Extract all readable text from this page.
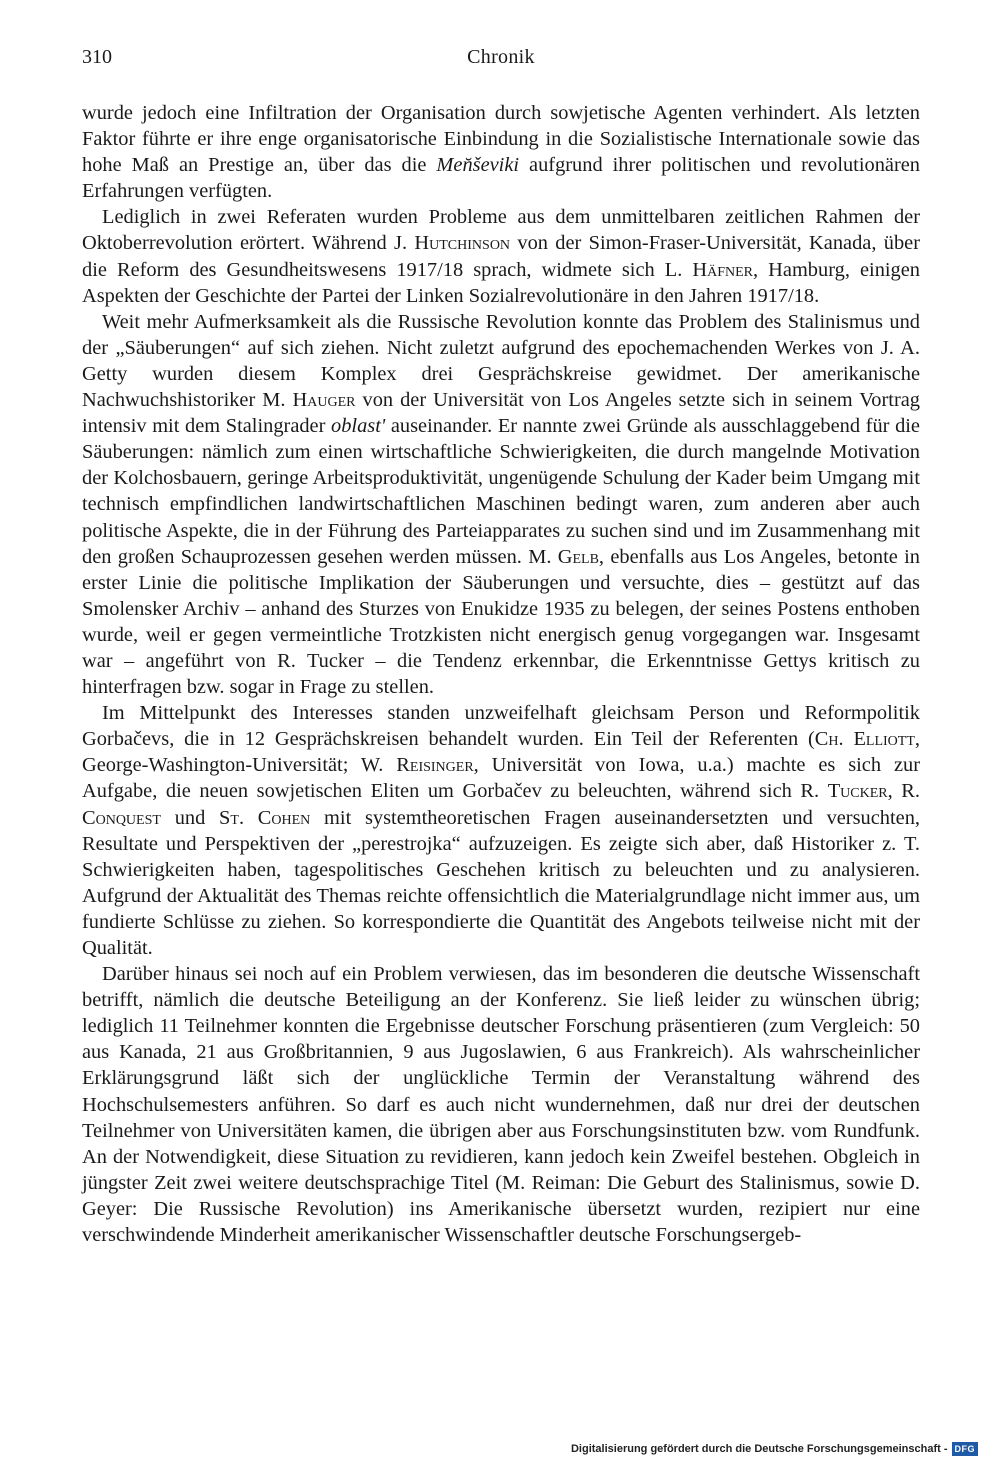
310	Chronik

wurde jedoch eine Infiltration der Organisation durch sowjetische Agenten verhindert. Als letzten Faktor führte er ihre enge organisatorische Einbindung in die Sozialistische Internationale sowie das hohe Maß an Prestige an, über das die Men̆ševiki aufgrund ihrer politischen und revolutionären Erfahrungen verfügten.

Lediglich in zwei Referaten wurden Probleme aus dem unmittelbaren zeitlichen Rahmen der Oktoberrevolution erörtert. Während J. Hutchinson von der Simon-Fraser-Universität, Kanada, über die Reform des Gesundheitswesens 1917/18 sprach, widmete sich L. Häfner, Hamburg, einigen Aspekten der Geschichte der Partei der Linken Sozialrevolutionäre in den Jahren 1917/18.

Weit mehr Aufmerksamkeit als die Russische Revolution konnte das Problem des Stalinismus und der „Säuberungen“ auf sich ziehen. Nicht zuletzt aufgrund des epochemachenden Werkes von J. A. Getty wurden diesem Komplex drei Gesprächskreise gewidmet. Der amerikanische Nachwuchshistoriker M. Hauger von der Universität von Los Angeles setzte sich in seinem Vortrag intensiv mit dem Stalingrader oblast' auseinander. Er nannte zwei Gründe als ausschlaggebend für die Säuberungen: nämlich zum einen wirtschaftliche Schwierigkeiten, die durch mangelnde Motivation der Kolchosbauern, geringe Arbeitsproduktivität, ungenügende Schulung der Kader beim Umgang mit technisch empfindlichen landwirtschaftlichen Maschinen bedingt waren, zum anderen aber auch politische Aspekte, die in der Führung des Parteiapparates zu suchen sind und im Zusammenhang mit den großen Schauprozessen gesehen werden müssen. M. Gelb, ebenfalls aus Los Angeles, betonte in erster Linie die politische Implikation der Säuberungen und versuchte, dies – gestützt auf das Smolensker Archiv – anhand des Sturzes von Enukidze 1935 zu belegen, der seines Postens enthoben wurde, weil er gegen vermeintliche Trotzkisten nicht energisch genug vorgegangen war. Insgesamt war – angeführt von R. Tucker – die Tendenz erkennbar, die Erkenntnisse Gettys kritisch zu hinterfragen bzw. sogar in Frage zu stellen.

Im Mittelpunkt des Interesses standen unzweifelhaft gleichsam Person und Reformpolitik Gorbačevs, die in 12 Gesprächskreisen behandelt wurden. Ein Teil der Referenten (Ch. Elliott, George-Washington-Universität; W. Reisinger, Universität von Iowa, u.a.) machte es sich zur Aufgabe, die neuen sowjetischen Eliten um Gorbačev zu beleuchten, während sich R. Tucker, R. Conquest und St. Cohen mit systemtheoretischen Fragen auseinandersetzten und versuchten, Resultate und Perspektiven der „perestrojka“ aufzuzeigen. Es zeigte sich aber, daß Historiker z. T. Schwierigkeiten haben, tagespolitisches Geschehen kritisch zu beleuchten und zu analysieren. Aufgrund der Aktualität des Themas reichte offensichtlich die Materialgrundlage nicht immer aus, um fundierte Schlüsse zu ziehen. So korrespondierte die Quantität des Angebots teilweise nicht mit der Qualität.

Darüber hinaus sei noch auf ein Problem verwiesen, das im besonderen die deutsche Wissenschaft betrifft, nämlich die deutsche Beteiligung an der Konferenz. Sie ließ leider zu wünschen übrig; lediglich 11 Teilnehmer konnten die Ergebnisse deutscher Forschung präsentieren (zum Vergleich: 50 aus Kanada, 21 aus Großbritannien, 9 aus Jugoslawien, 6 aus Frankreich). Als wahrscheinlicher Erklärungsgrund läßt sich der unglückliche Termin der Veranstaltung während des Hochschulsemesters anführen. So darf es auch nicht wundernehmen, daß nur drei der deutschen Teilnehmer von Universitäten kamen, die übrigen aber aus Forschungsinstituten bzw. vom Rundfunk. An der Notwendigkeit, diese Situation zu revidieren, kann jedoch kein Zweifel bestehen. Obgleich in jüngster Zeit zwei weitere deutschsprachige Titel (M. Reiman: Die Geburt des Stalinismus, sowie D. Geyer: Die Russische Revolution) ins Amerikanische übersetzt wurden, rezipiert nur eine verschwindende Minderheit amerikanischer Wissenschaftler deutsche Forschungsergeb-

Digitalisierung gefördert durch die Deutsche Forschungsgemeinschaft - DFG
